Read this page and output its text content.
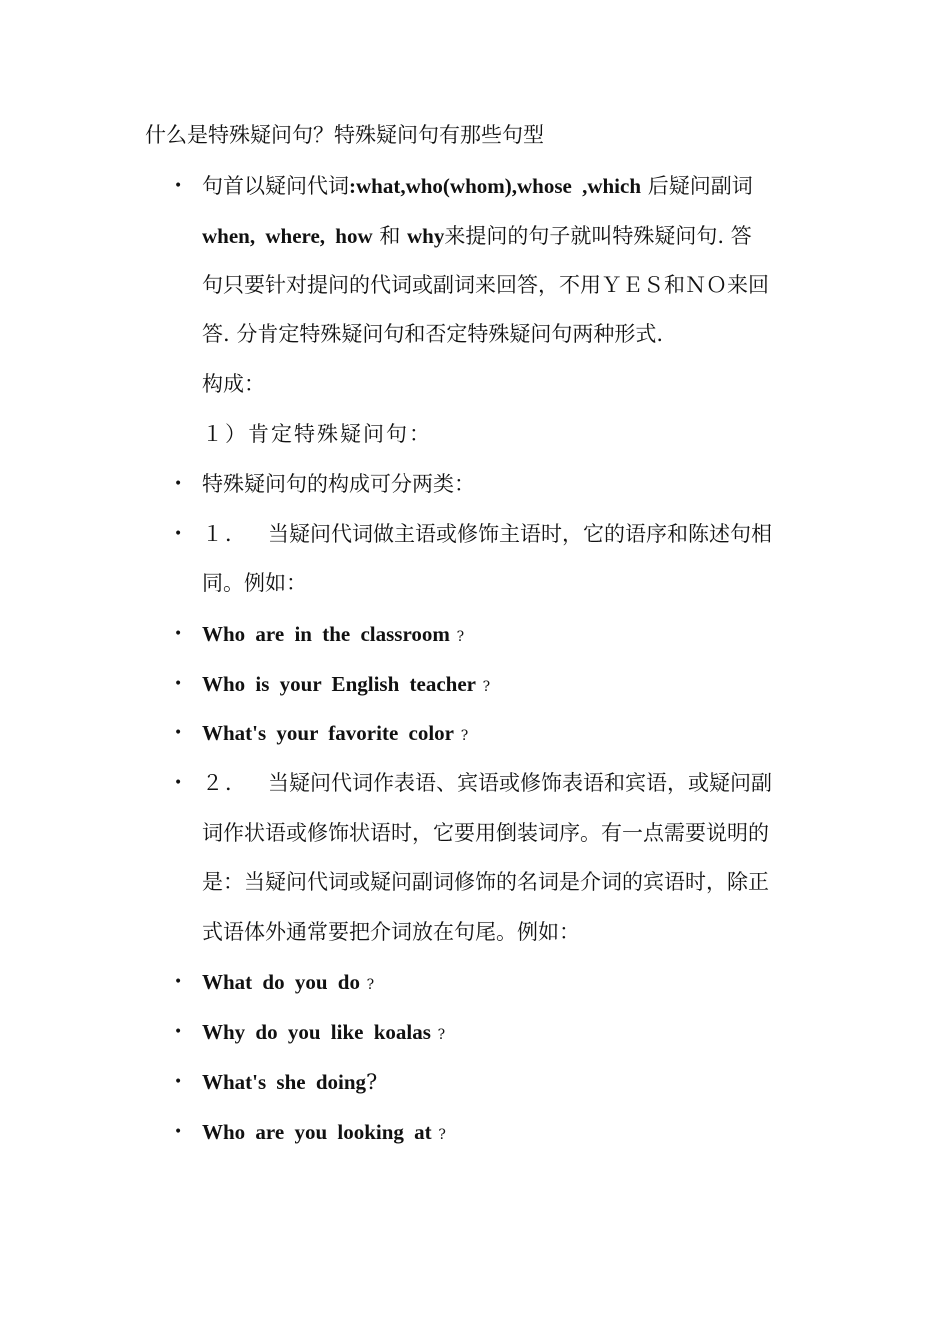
什么是特殊疑问句？特殊疑问句有那些句型
• 句首以疑问代词:what,who(whom),whose ,which 后疑问副词
when, where, how 和 why来提问的句子就叫特殊疑问句. 答
句只要针对提问的代词或副词来回答，不用ＹＥＳ和ＮＯ来回
答. 分肯定特殊疑问句和否定特殊疑问句两种形式.
构成：
１）肯定特殊疑问句：
• 特殊疑问句的构成可分两类：
• １． 当疑问代词做主语或修饰主语时，它的语序和陈述句相
同。例如：
• Who are in the classroom ?
• Who is your English teacher ?
• What's your favorite color ?
• ２． 当疑问代词作表语、宾语或修饰表语和宾语，或疑问副
词作状语或修饰状语时，它要用倒装词序。有一点需要说明的
是：当疑问代词或疑问副词修饰的名词是介词的宾语时，除正
式语体外通常要把介词放在句尾。例如：
• What do you do ?
• Why do you like koalas ?
• What's she doing?
• Who are you looking at ?
